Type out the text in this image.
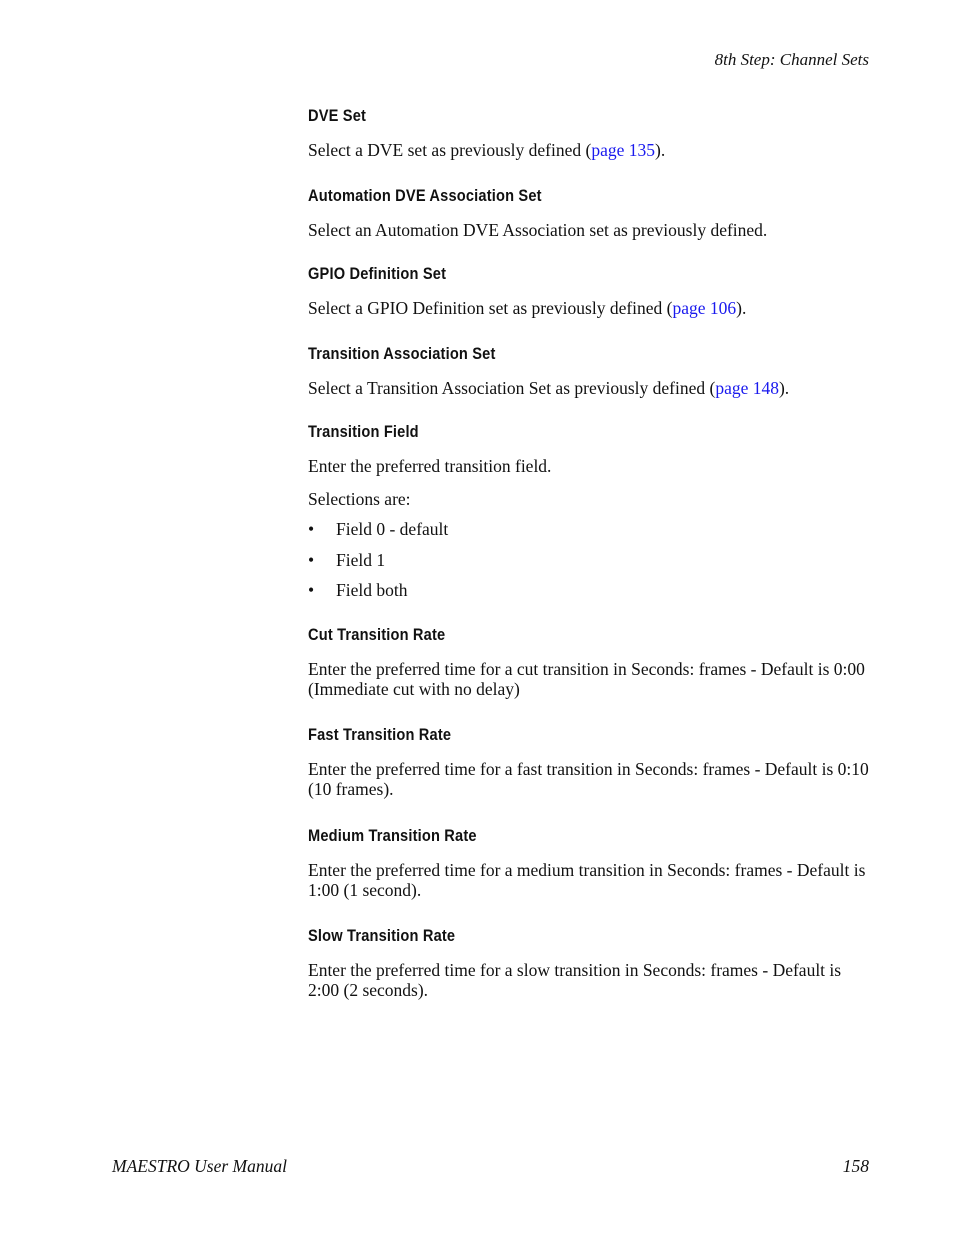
8th Step: Channel Sets
DVE Set

Select a DVE set as previously defined (page 135).

Automation DVE Association Set

Select an Automation DVE Association set as previously defined.

GPIO Definition Set

Select a GPIO Definition set as previously defined (page 106).

Transition Association Set

Select a Transition Association Set as previously defined (page 148).

Transition Field

Enter the preferred transition field.

Selections are:

• Field 0 - default
• Field 1
• Field both
Cut Transition Rate

Enter the preferred time for a cut transition in Seconds: frames - Default is 0:00 (Immediate cut with no delay)

Fast Transition Rate

Enter the preferred time for a fast transition in Seconds: frames - Default is 0:10 (10 frames).

Medium Transition Rate

Enter the preferred time for a medium transition in Seconds: frames - Default is 1:00 (1 second).

Slow Transition Rate

Enter the preferred time for a slow transition in Seconds: frames - Default is 2:00 (2 seconds).

MAESTRO User Manual	158
